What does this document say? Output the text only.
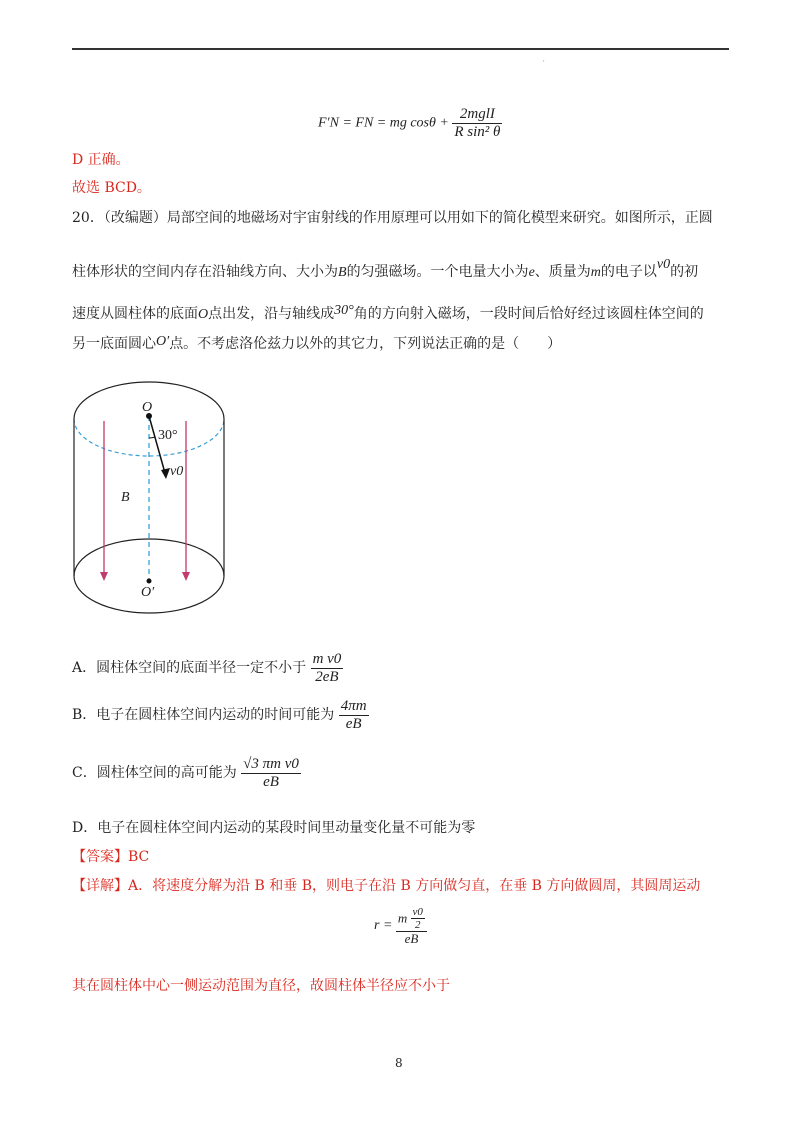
'
F′N = FN = mg $\cos\theta + \frac{\text{2mglI}}{\text{R sin² θ}}$
D 正确。
故选 BCD。
20．（改编题）局部空间的地磁场对宇宙射线的作用原理可以用如下的简化模型来研究。如图所示，正圆
柱体形状的空间内存在沿轴线方向、大小为B的匀强磁场。一个电量大小为e、质量为m的电子以v0的初
速度从圆柱体的底面O点出发，沿与轴线成30°角的方向射入磁场，一段时间后恰好经过该圆柱体空间的
另一底面圆心O′点。不考虑洛伦兹力以外的其它力，下列说法正确的是（　　）
O
30°
v0
B
O′
A．圆柱体空间的底面半径一定不小于 $\frac{\text{m v0}}{2eB}$
B．电子在圆柱体空间内运动的时间可能为 $\frac{4\pi m}{eB}$
C．圆柱体空间的高可能为 $\frac{\text{√3 πm v0}}{eB}$
D．电子在圆柱体空间内运动的某段时间里动量变化量不可能为零
【答案】BC
【详解】A．将速度分解为沿 B 和垂 B，则电子在沿 B 方向做匀直，在垂 B 方向做圆周，其圆周运动
$r = \frac{m \frac{v0}{2}}{eB}$
其在圆柱体中心一侧运动范围为直径，故圆柱体半径应不小于
8
